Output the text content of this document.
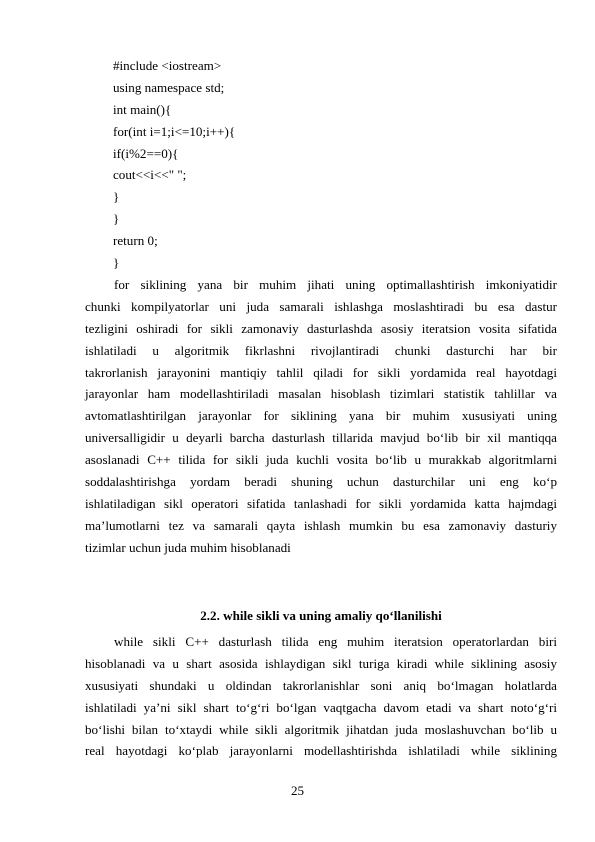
#include <iostream>
using namespace std;
int main(){
for(int i=1;i<=10;i++){
if(i%2==0){
cout<<i<<" ";
}
}
return 0;
}
for siklining yana bir muhim jihati uning optimallashtirish imkoniyatidir
chunki kompilyatorlar uni juda samarali ishlashga moslashtiradi bu esa dastur
tezligini oshiradi for sikli zamonaviy dasturlashda asosiy iteratsion vosita sifatida
ishlatiladi u algoritmik fikrlashni rivojlantiradi chunki dasturchi har bir
takrorlanish jarayonini mantiqiy tahlil qiladi for sikli yordamida real hayotdagi
jarayonlar ham modellashtiriladi masalan hisoblash tizimlari statistik tahlillar va
avtomatlashtirilgan jarayonlar for siklining yana bir muhim xususiyati uning
universalligidir u deyarli barcha dasturlash tillarida mavjud bo‘lib bir xil mantiqqa
asoslanadi C++ tilida for sikli juda kuchli vosita bo‘lib u murakkab algoritmlarni
soddalashtirishga yordam beradi shuning uchun dasturchilar uni eng ko‘p
ishlatiladigan sikl operatori sifatida tanlashadi for sikli yordamida katta hajmdagi
ma’lumotlarni tez va samarali qayta ishlash mumkin bu esa zamonaviy dasturiy
tizimlar uchun juda muhim hisoblanadi
2.2. while sikli va uning amaliy qo‘llanilishi
while sikli C++ dasturlash tilida eng muhim iteratsion operatorlardan biri
hisoblanadi va u shart asosida ishlaydigan sikl turiga kiradi while siklining asosiy
xususiyati shundaki u oldindan takrorlanishlar soni aniq bo‘lmagan holatlarda
ishlatiladi ya’ni sikl shart to‘g‘ri bo‘lgan vaqtgacha davom etadi va shart noto‘g‘ri
bo‘lishi bilan to‘xtaydi while sikli algoritmik jihatdan juda moslashuvchan bo‘lib u
real hayotdagi ko‘plab jarayonlarni modellashtirishda ishlatiladi while siklining
25
